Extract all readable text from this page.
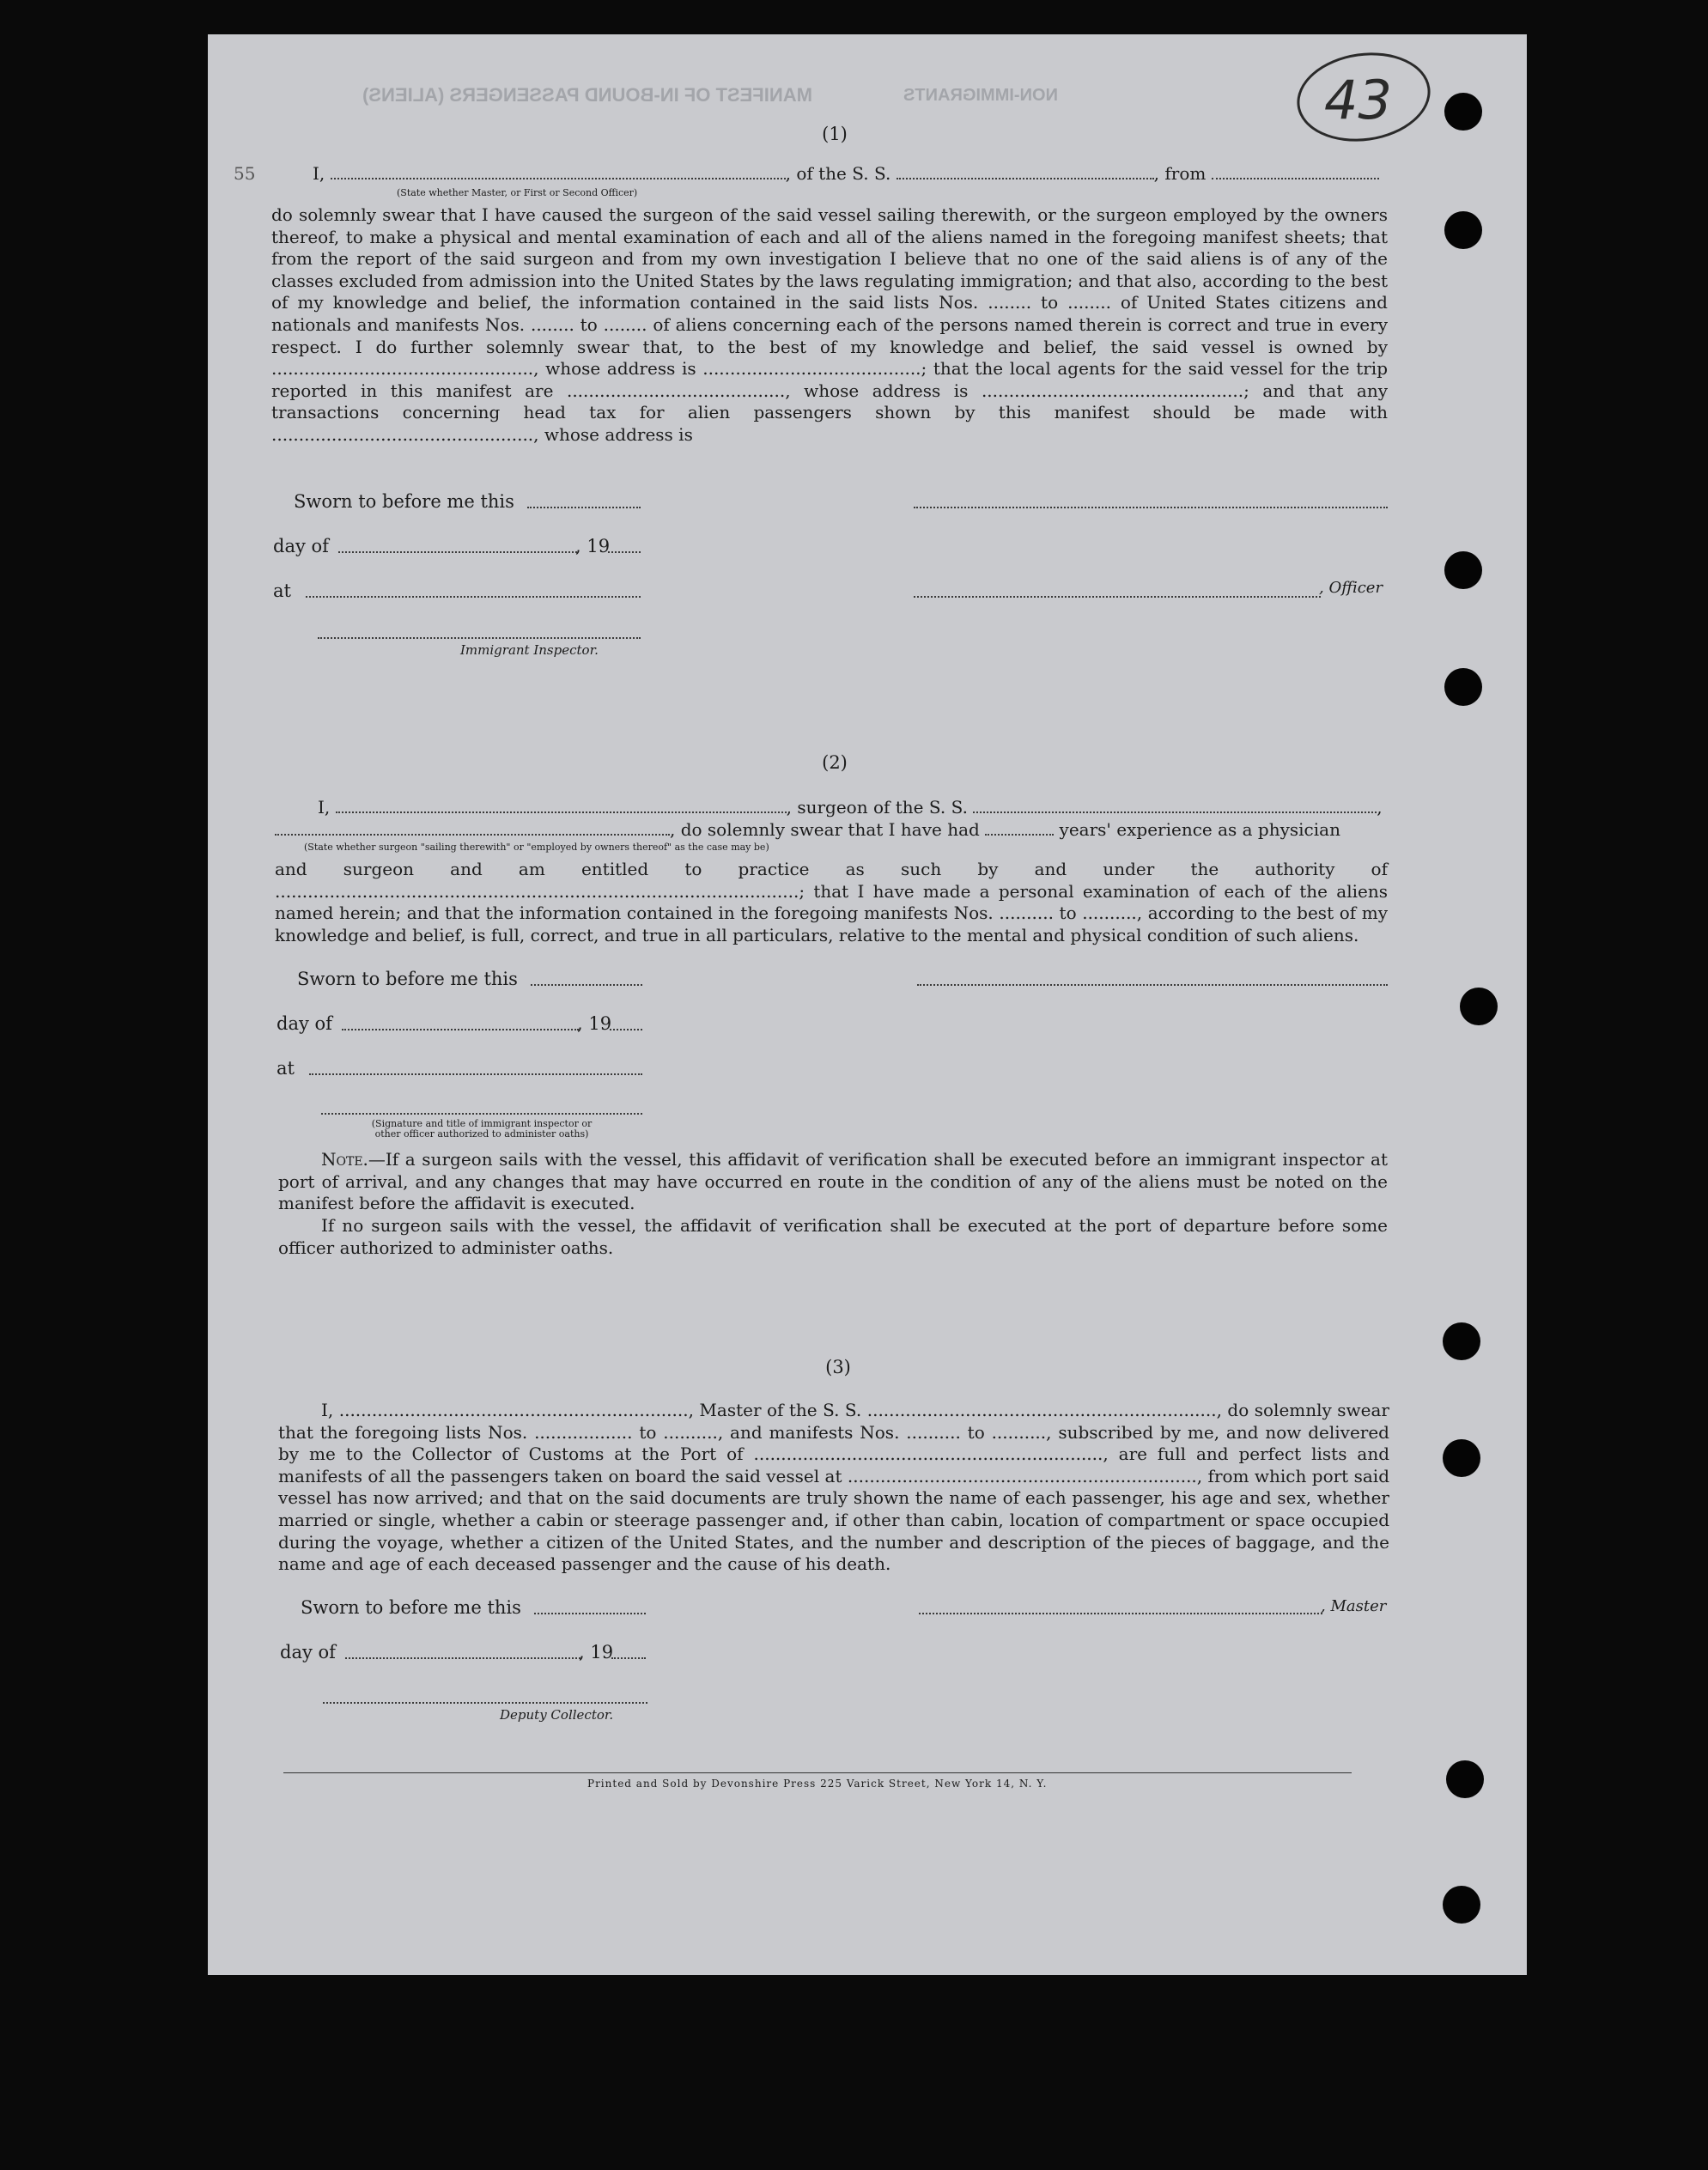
MANIFEST OF IN-BOUND PASSENGERS (ALIENS)	NON-IMMIGRANTS	43
(1)
I,	, of the S. S.	, from
(State whether Master, or First or Second Officer)
55
do solemnly swear that I have caused the surgeon of the said vessel sailing therewith, or the surgeon employed by the owners thereof, to make a physical and mental examination of each and all of the aliens named in the foregoing manifest sheets; that from the report of the said surgeon and from my own investigation I believe that no one of the said aliens is of any of the classes excluded from admission into the United States by the laws regulating immigration; and that also, according to the best of my knowledge and belief, the information contained in the said lists Nos. ........ to ........ of United States citizens and nationals and manifests Nos. ........ to ........ of aliens concerning each of the persons named therein is correct and true in every respect. I do further solemnly swear that, to the best of my knowledge and belief, the said vessel is owned by ................................................, whose address is ........................................; that the local agents for the said vessel for the trip reported in this manifest are ........................................, whose address is ................................................; and that any transactions concerning head tax for alien passengers shown by this manifest should be made with ................................................, whose address is
Sworn to before me this
day of	, 19
at	, Officer
Immigrant Inspector.
(2)
I,	, surgeon of the S. S.	,
, do solemnly swear that I have had	years' experience as a physician
(State whether surgeon "sailing therewith" or "employed by owners thereof" as the case may be)
and surgeon and am entitled to practice as such by and under the authority of ................................................................................................; that I have made a personal examination of each of the aliens named herein; and that the information contained in the foregoing manifests Nos. .......... to .........., according to the best of my knowledge and belief, is full, correct, and true in all particulars, relative to the mental and physical condition of such aliens.
Sworn to before me this
day of	, 19
at
(Signature and title of immigrant inspector or
other officer authorized to administer oaths)
Note.—If a surgeon sails with the vessel, this affidavit of verification shall be executed before an immigrant inspector at port of arrival, and any changes that may have occurred en route in the condition of any of the aliens must be noted on the manifest before the affidavit is executed.
If no surgeon sails with the vessel, the affidavit of verification shall be executed at the port of departure before some officer authorized to administer oaths.
(3)
I, ................................................................, Master of the S. S. ................................................................, do solemnly swear that the foregoing lists Nos. .................. to .........., and manifests Nos. .......... to .........., subscribed by me, and now delivered by me to the Collector of Customs at the Port of ................................................................, are full and perfect lists and manifests of all the passengers taken on board the said vessel at ................................................................, from which port said vessel has now arrived; and that on the said documents are truly shown the name of each passenger, his age and sex, whether married or single, whether a cabin or steerage passenger and, if other than cabin, location of compartment or space occupied during the voyage, whether a citizen of the United States, and the number and description of the pieces of baggage, and the name and age of each deceased passenger and the cause of his death.
Sworn to before me this	, Master
day of	, 19
Deputy Collector.
Printed and Sold by Devonshire Press 225 Varick Street, New York 14, N. Y.
